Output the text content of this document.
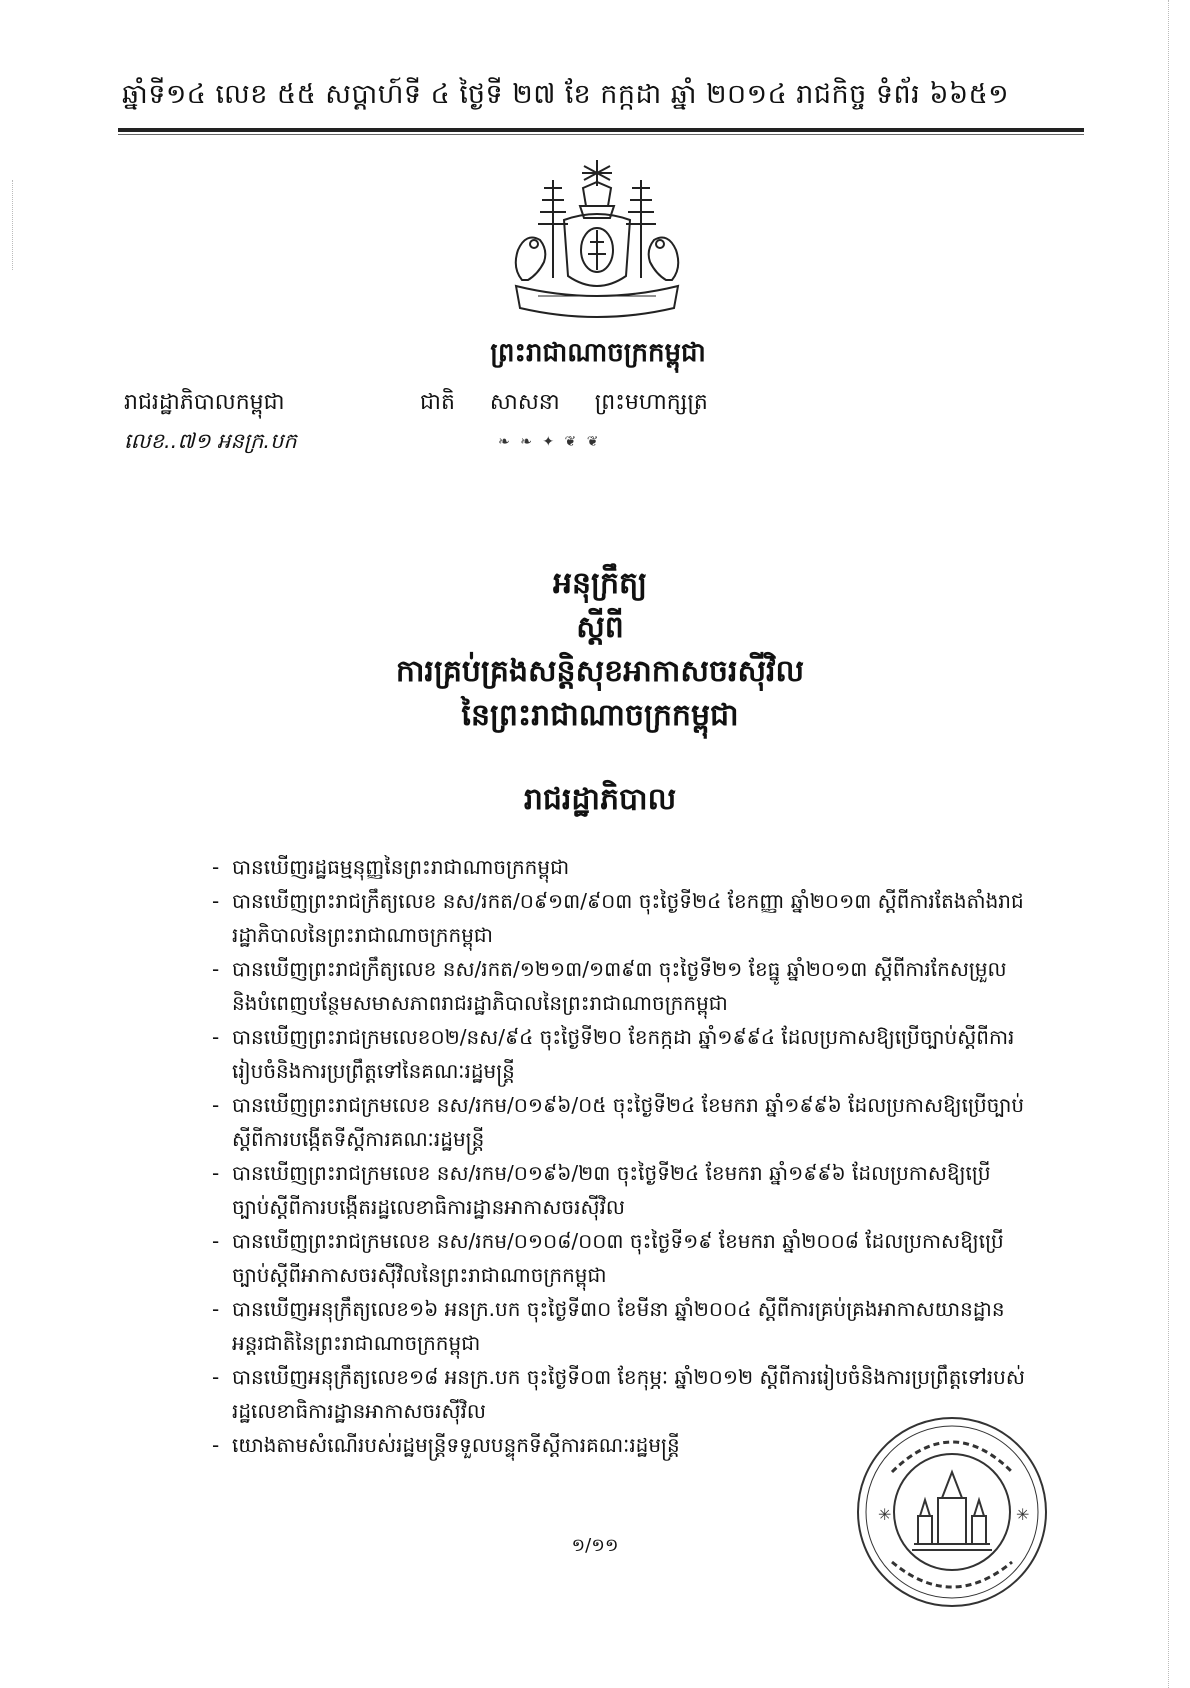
ឆ្នាំទី១៤ លេខ ៥៥ សប្តាហ៍ទី ៤ ថ្ងៃទី ២៧ ខែ កក្កដា ឆ្នាំ ២០១៤ រាជកិច្ច ទំព័រ ៦៦៥១
ព្រះរាជាណាចក្រកម្ពុជា
រាជរដ្ឋាភិបាលកម្ពុជា	ជាតិ សាសនា ព្រះមហាក្សត្រ
លេខ..៧១ អនក្រ.បក	❧ ❧ ✦ ❦ ❦
អនុក្រឹត្យ
ស្តីពី
ការគ្រប់គ្រងសន្តិសុខអាកាសចរស៊ីវិល
នៃព្រះរាជាណាចក្រកម្ពុជា
រាជរដ្ឋាភិបាល
- បានឃើញរដ្ឋធម្មនុញ្ញនៃព្រះរាជាណាចក្រកម្ពុជា
- បានឃើញព្រះរាជក្រឹត្យលេខ នស/រកត/០៩១៣/៩០៣ ចុះថ្ងៃទី២៤ ខែកញ្ញា ឆ្នាំ២០១៣ ស្តីពីការតែងតាំងរាជរដ្ឋាភិបាលនៃព្រះរាជាណាចក្រកម្ពុជា
- បានឃើញព្រះរាជក្រឹត្យលេខ នស/រកត/១២១៣/១៣៩៣ ចុះថ្ងៃទី២១ ខែធ្នូ ឆ្នាំ២០១៣ ស្តីពីការកែសម្រួលនិងបំពេញបន្ថែមសមាសភាពរាជរដ្ឋាភិបាលនៃព្រះរាជាណាចក្រកម្ពុជា
- បានឃើញព្រះរាជក្រមលេខ០២/នស/៩៤ ចុះថ្ងៃទី២០ ខែកក្កដា ឆ្នាំ១៩៩៤ ដែលប្រកាសឱ្យប្រើច្បាប់ស្តីពីការរៀបចំនិងការប្រព្រឹត្តទៅនៃគណៈរដ្ឋមន្ត្រី
- បានឃើញព្រះរាជក្រមលេខ នស/រកម/០១៩៦/០៥ ចុះថ្ងៃទី២៤ ខែមករា ឆ្នាំ១៩៩៦ ដែលប្រកាសឱ្យប្រើច្បាប់ស្តីពីការបង្កើតទីស្តីការគណៈរដ្ឋមន្ត្រី
- បានឃើញព្រះរាជក្រមលេខ នស/រកម/០១៩៦/២៣ ចុះថ្ងៃទី២៤ ខែមករា ឆ្នាំ១៩៩៦ ដែលប្រកាសឱ្យប្រើច្បាប់ស្តីពីការបង្កើតរដ្ឋលេខាធិការដ្ឋានអាកាសចរស៊ីវិល
- បានឃើញព្រះរាជក្រមលេខ នស/រកម/០១០៨/០០៣ ចុះថ្ងៃទី១៩ ខែមករា ឆ្នាំ២០០៨ ដែលប្រកាសឱ្យប្រើច្បាប់ស្តីពីអាកាសចរស៊ីវិលនៃព្រះរាជាណាចក្រកម្ពុជា
- បានឃើញអនុក្រឹត្យលេខ១៦ អនក្រ.បក ចុះថ្ងៃទី៣០ ខែមីនា ឆ្នាំ២០០៤ ស្តីពីការគ្រប់គ្រងអាកាសយានដ្ឋានអន្តរជាតិនៃព្រះរាជាណាចក្រកម្ពុជា
- បានឃើញអនុក្រឹត្យលេខ១៨ អនក្រ.បក ចុះថ្ងៃទី០៣ ខែកុម្ភៈ ឆ្នាំ២០១២ ស្តីពីការរៀបចំនិងការប្រព្រឹត្តទៅរបស់រដ្ឋលេខាធិការដ្ឋានអាកាសចរស៊ីវិល
- យោងតាមសំណើរបស់រដ្ឋមន្ត្រីទទួលបន្ទុកទីស្តីការគណៈរដ្ឋមន្ត្រី
១/១១
✳	✳
